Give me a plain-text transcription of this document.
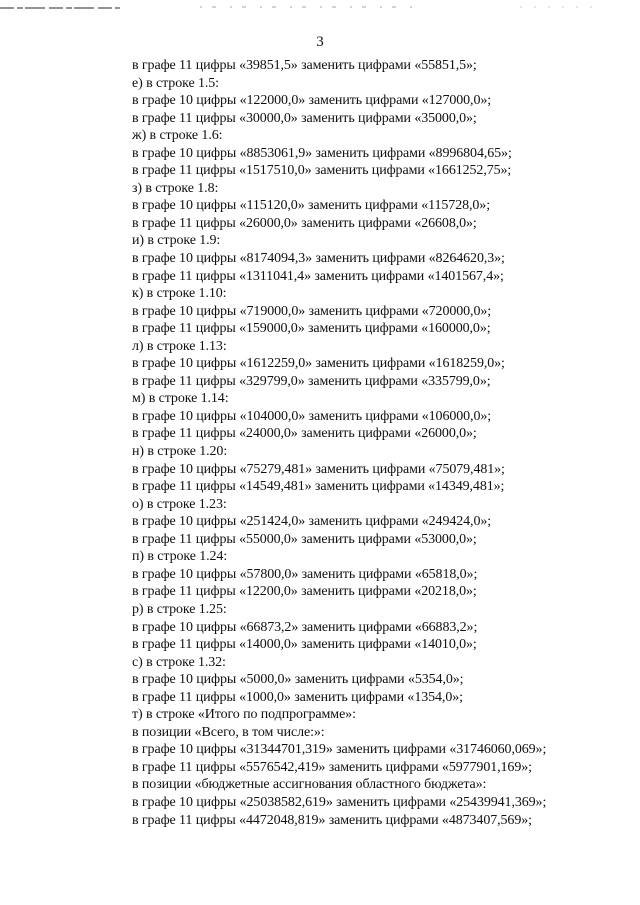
3
в графе 11 цифры «39851,5» заменить цифрами «55851,5»;
е) в строке 1.5:
в графе 10 цифры «122000,0» заменить цифрами «127000,0»;
в графе 11 цифры «30000,0» заменить цифрами «35000,0»;
ж) в строке 1.6:
в графе 10 цифры «8853061,9» заменить цифрами «8996804,65»;
в графе 11 цифры «1517510,0» заменить цифрами «1661252,75»;
з) в строке 1.8:
в графе 10 цифры «115120,0» заменить цифрами «115728,0»;
в графе 11 цифры «26000,0» заменить цифрами «26608,0»;
и) в строке 1.9:
в графе 10 цифры «8174094,3» заменить цифрами «8264620,3»;
в графе 11 цифры «1311041,4» заменить цифрами «1401567,4»;
к) в строке 1.10:
в графе 10 цифры «719000,0» заменить цифрами «720000,0»;
в графе 11 цифры «159000,0» заменить цифрами «160000,0»;
л) в строке 1.13:
в графе 10 цифры «1612259,0» заменить цифрами «1618259,0»;
в графе 11 цифры «329799,0» заменить цифрами «335799,0»;
м) в строке 1.14:
в графе 10 цифры «104000,0» заменить цифрами «106000,0»;
в графе 11 цифры «24000,0» заменить цифрами «26000,0»;
н) в строке 1.20:
в графе 10 цифры «75279,481» заменить цифрами «75079,481»;
в графе 11 цифры «14549,481» заменить цифрами «14349,481»;
о) в строке 1.23:
в графе 10 цифры «251424,0» заменить цифрами «249424,0»;
в графе 11 цифры «55000,0» заменить цифрами «53000,0»;
п) в строке 1.24:
в графе 10 цифры «57800,0» заменить цифрами «65818,0»;
в графе 11 цифры «12200,0» заменить цифрами «20218,0»;
р) в строке 1.25:
в графе 10 цифры «66873,2» заменить цифрами «66883,2»;
в графе 11 цифры «14000,0» заменить цифрами «14010,0»;
с) в строке 1.32:
в графе 10 цифры «5000,0» заменить цифрами «5354,0»;
в графе 11 цифры «1000,0» заменить цифрами «1354,0»;
т) в строке «Итого по подпрограмме»:
в позиции «Всего, в том числе:»:
в графе 10 цифры «31344701,319» заменить цифрами «31746060,069»;
в графе 11 цифры «5576542,419» заменить цифрами «5977901,169»;
в позиции «бюджетные ассигнования областного бюджета»:
в графе 10 цифры «25038582,619» заменить цифрами «25439941,369»;
в графе 11 цифры «4472048,819» заменить цифрами «4873407,569»;
